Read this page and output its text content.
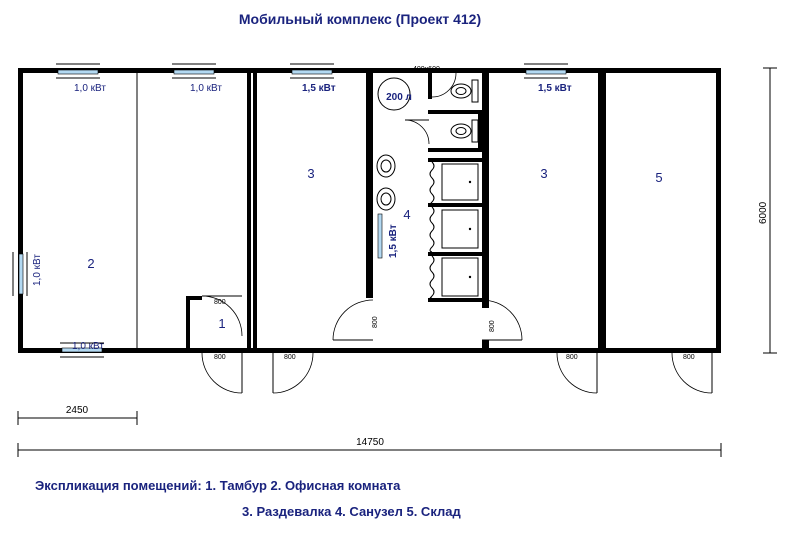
Мобильный комплекс (Проект 412)
200 л
1,0 кВт	1,0 кВт	1,5 кВт	1,5 кВт
1,0 кВт
1,0 кВт
1,5 кВт
800
800	800
800	800
800	800
400x600
1
2
3
4
3	5
2450
14750
6000
Экспликация помещений: 1. Тамбур 2. Офисная комната
3. Раздевалка 4. Санузел 5. Склад
